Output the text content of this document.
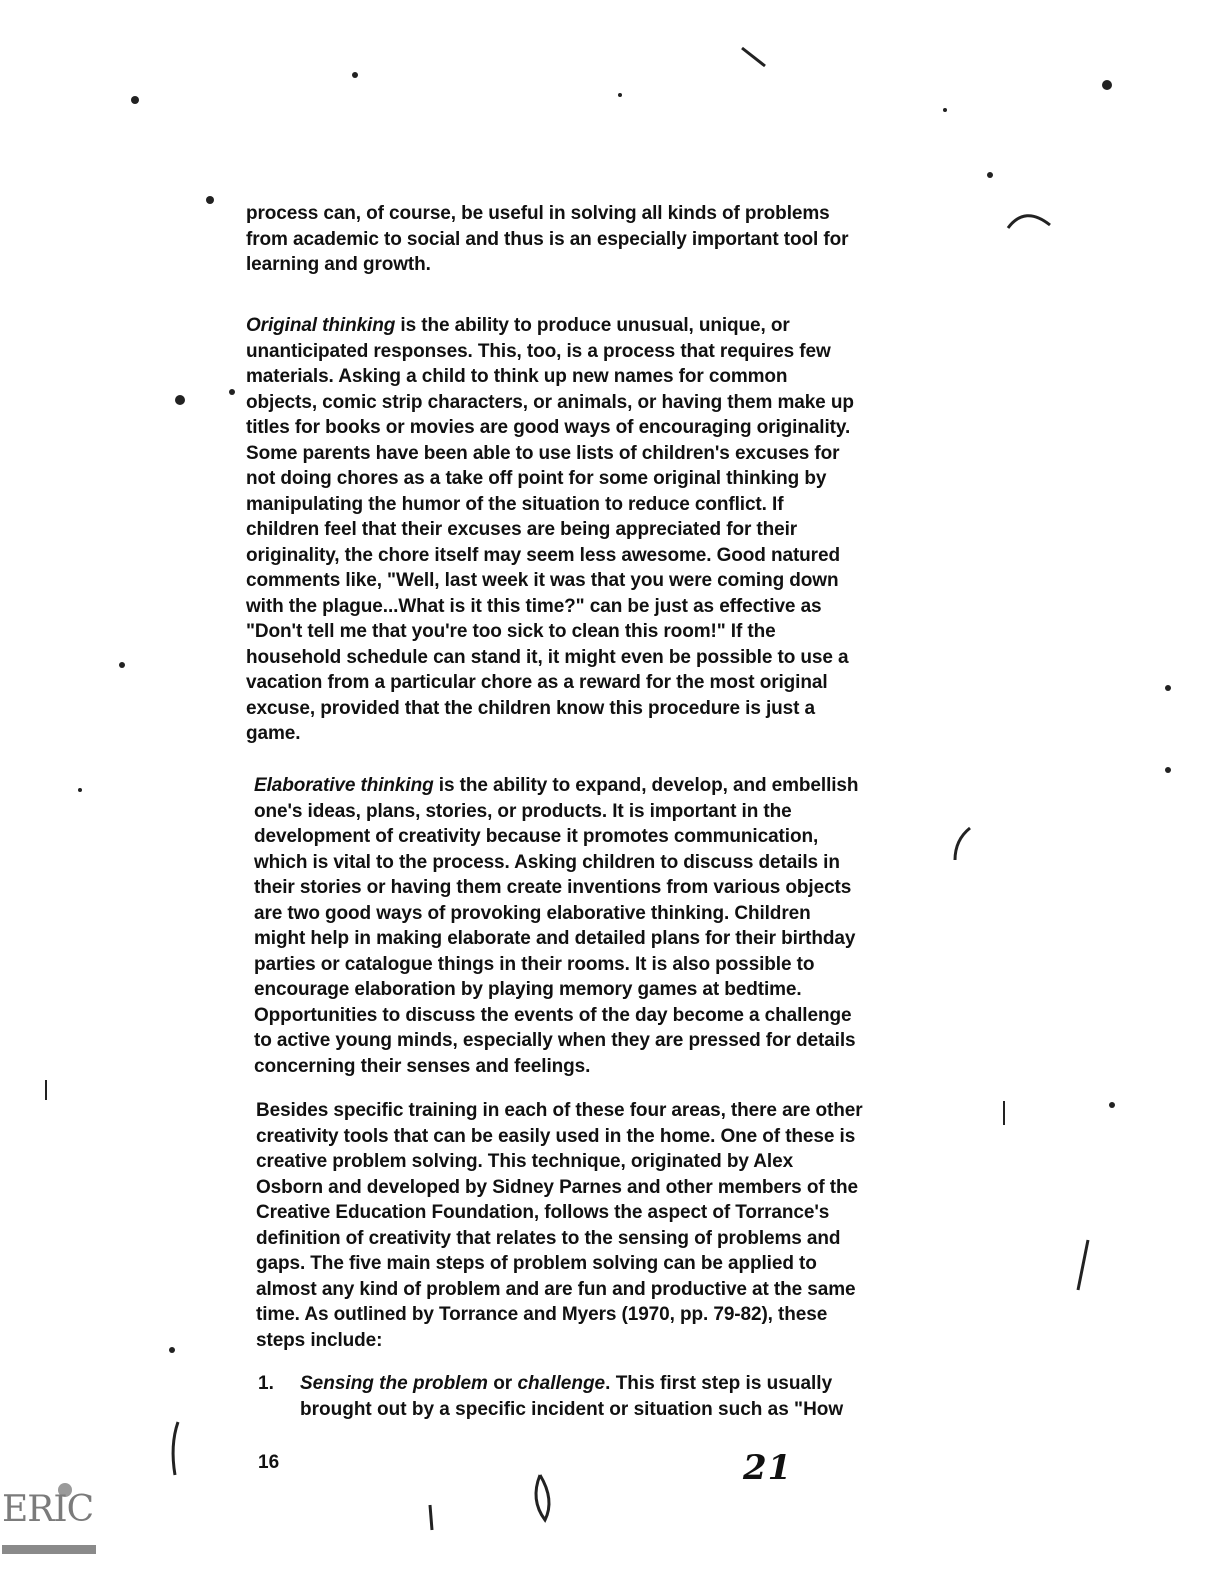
process can, of course, be useful in solving all kinds of problems
from academic to social and thus is an especially important tool for
learning and growth.
Original thinking is the ability to produce unusual, unique, or
unanticipated responses. This, too, is a process that requires few
materials. Asking a child to think up new names for common
objects, comic strip characters, or animals, or having them make up
titles for books or movies are good ways of encouraging originality.
Some parents have been able to use lists of children's excuses for
not doing chores as a take off point for some original thinking by
manipulating the humor of the situation to reduce conflict. If
children feel that their excuses are being appreciated for their
originality, the chore itself may seem less awesome. Good natured
comments like, "Well, last week it was that you were coming down
with the plague...What is it this time?" can be just as effective as
"Don't tell me that you're too sick to clean this room!" If the
household schedule can stand it, it might even be possible to use a
vacation from a particular chore as a reward for the most original
excuse, provided that the children know this procedure is just a
game.
Elaborative thinking is the ability to expand, develop, and embellish
one's ideas, plans, stories, or products. It is important in the
development of creativity because it promotes communication,
which is vital to the process. Asking children to discuss details in
their stories or having them create inventions from various objects
are two good ways of provoking elaborative thinking. Children
might help in making elaborate and detailed plans for their birthday
parties or catalogue things in their rooms. It is also possible to
encourage elaboration by playing memory games at bedtime.
Opportunities to discuss the events of the day become a challenge
to active young minds, especially when they are pressed for details
concerning their senses and feelings.
Besides specific training in each of these four areas, there are other
creativity tools that can be easily used in the home. One of these is
creative problem solving. This technique, originated by Alex
Osborn and developed by Sidney Parnes and other members of the
Creative Education Foundation, follows the aspect of Torrance's
definition of creativity that relates to the sensing of problems and
gaps. The five main steps of problem solving can be applied to
almost any kind of problem and are fun and productive at the same
time. As outlined by Torrance and Myers (1970, pp. 79-82), these
steps include:
1. Sensing the problem or challenge. This first step is usually
brought out by a specific incident or situation such as "How
16	21
ERIC
